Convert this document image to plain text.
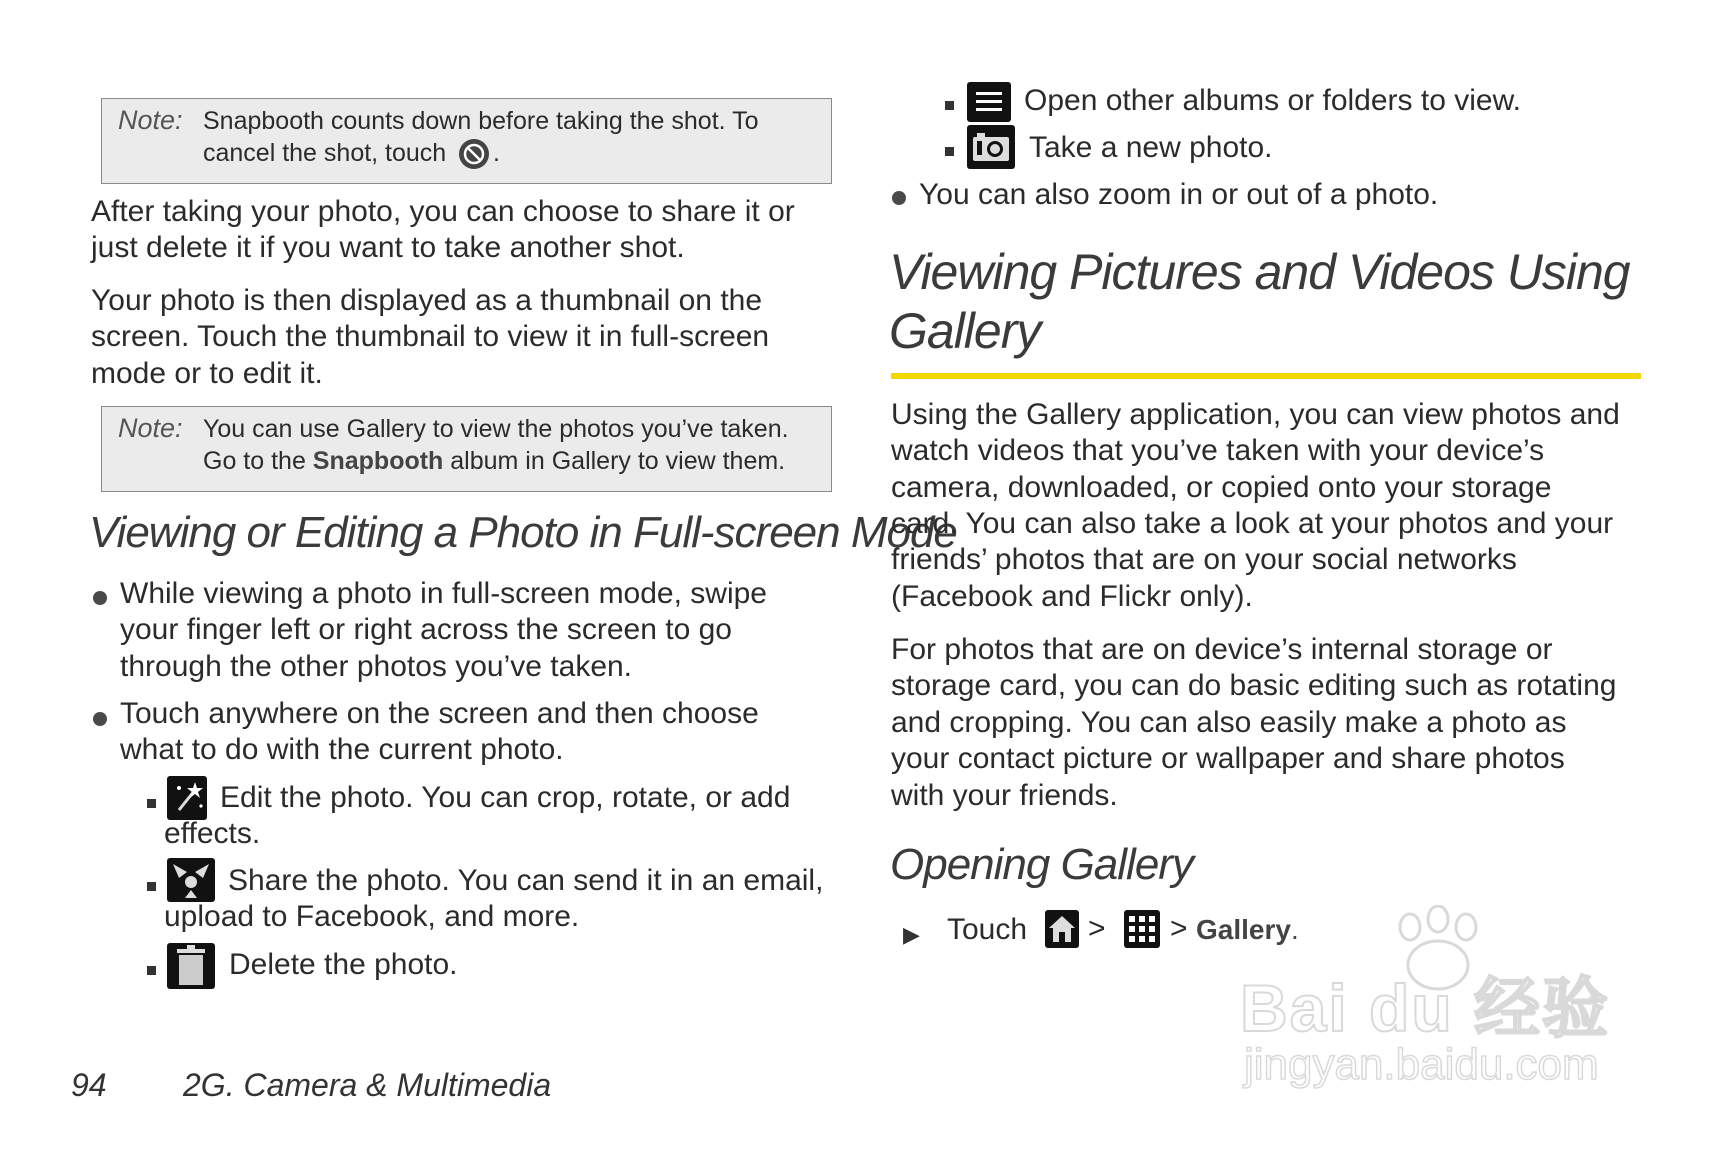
Note: Snapbooth counts down before taking the shot. To
cancel the shot, touch .
After taking your photo, you can choose to share it or
just delete it if you want to take another shot.
Your photo is then displayed as a thumbnail on the
screen. Touch the thumbnail to view it in full-screen
mode or to edit it.
Note: You can use Gallery to view the photos you’ve taken.
Go to the Snapbooth album in Gallery to view them.
Viewing or Editing a Photo in Full-screen Mode
While viewing a photo in full-screen mode, swipe
your finger left or right across the screen to go
through the other photos you’ve taken.
Touch anywhere on the screen and then choose
what to do with the current photo.
Edit the photo. You can crop, rotate, or add
effects.
Share the photo. You can send it in an email,
upload to Facebook, and more.
Delete the photo.
Open other albums or folders to view.
Take a new photo.
You can also zoom in or out of a photo.
Viewing Pictures and Videos Using
Gallery
Using the Gallery application, you can view photos and
watch videos that you’ve taken with your device’s
camera, downloaded, or copied onto your storage
card. You can also take a look at your photos and your
friends’ photos that are on your social networks
(Facebook and Flickr only).
For photos that are on device’s internal storage or
storage card, you can do basic editing such as rotating
and cropping. You can also easily make a photo as
your contact picture or wallpaper and share photos
with your friends.
Opening Gallery
▶ Touch > > Gallery.
Bai du 经验
jingyan.baidu.com
94 2G. Camera & Multimedia
